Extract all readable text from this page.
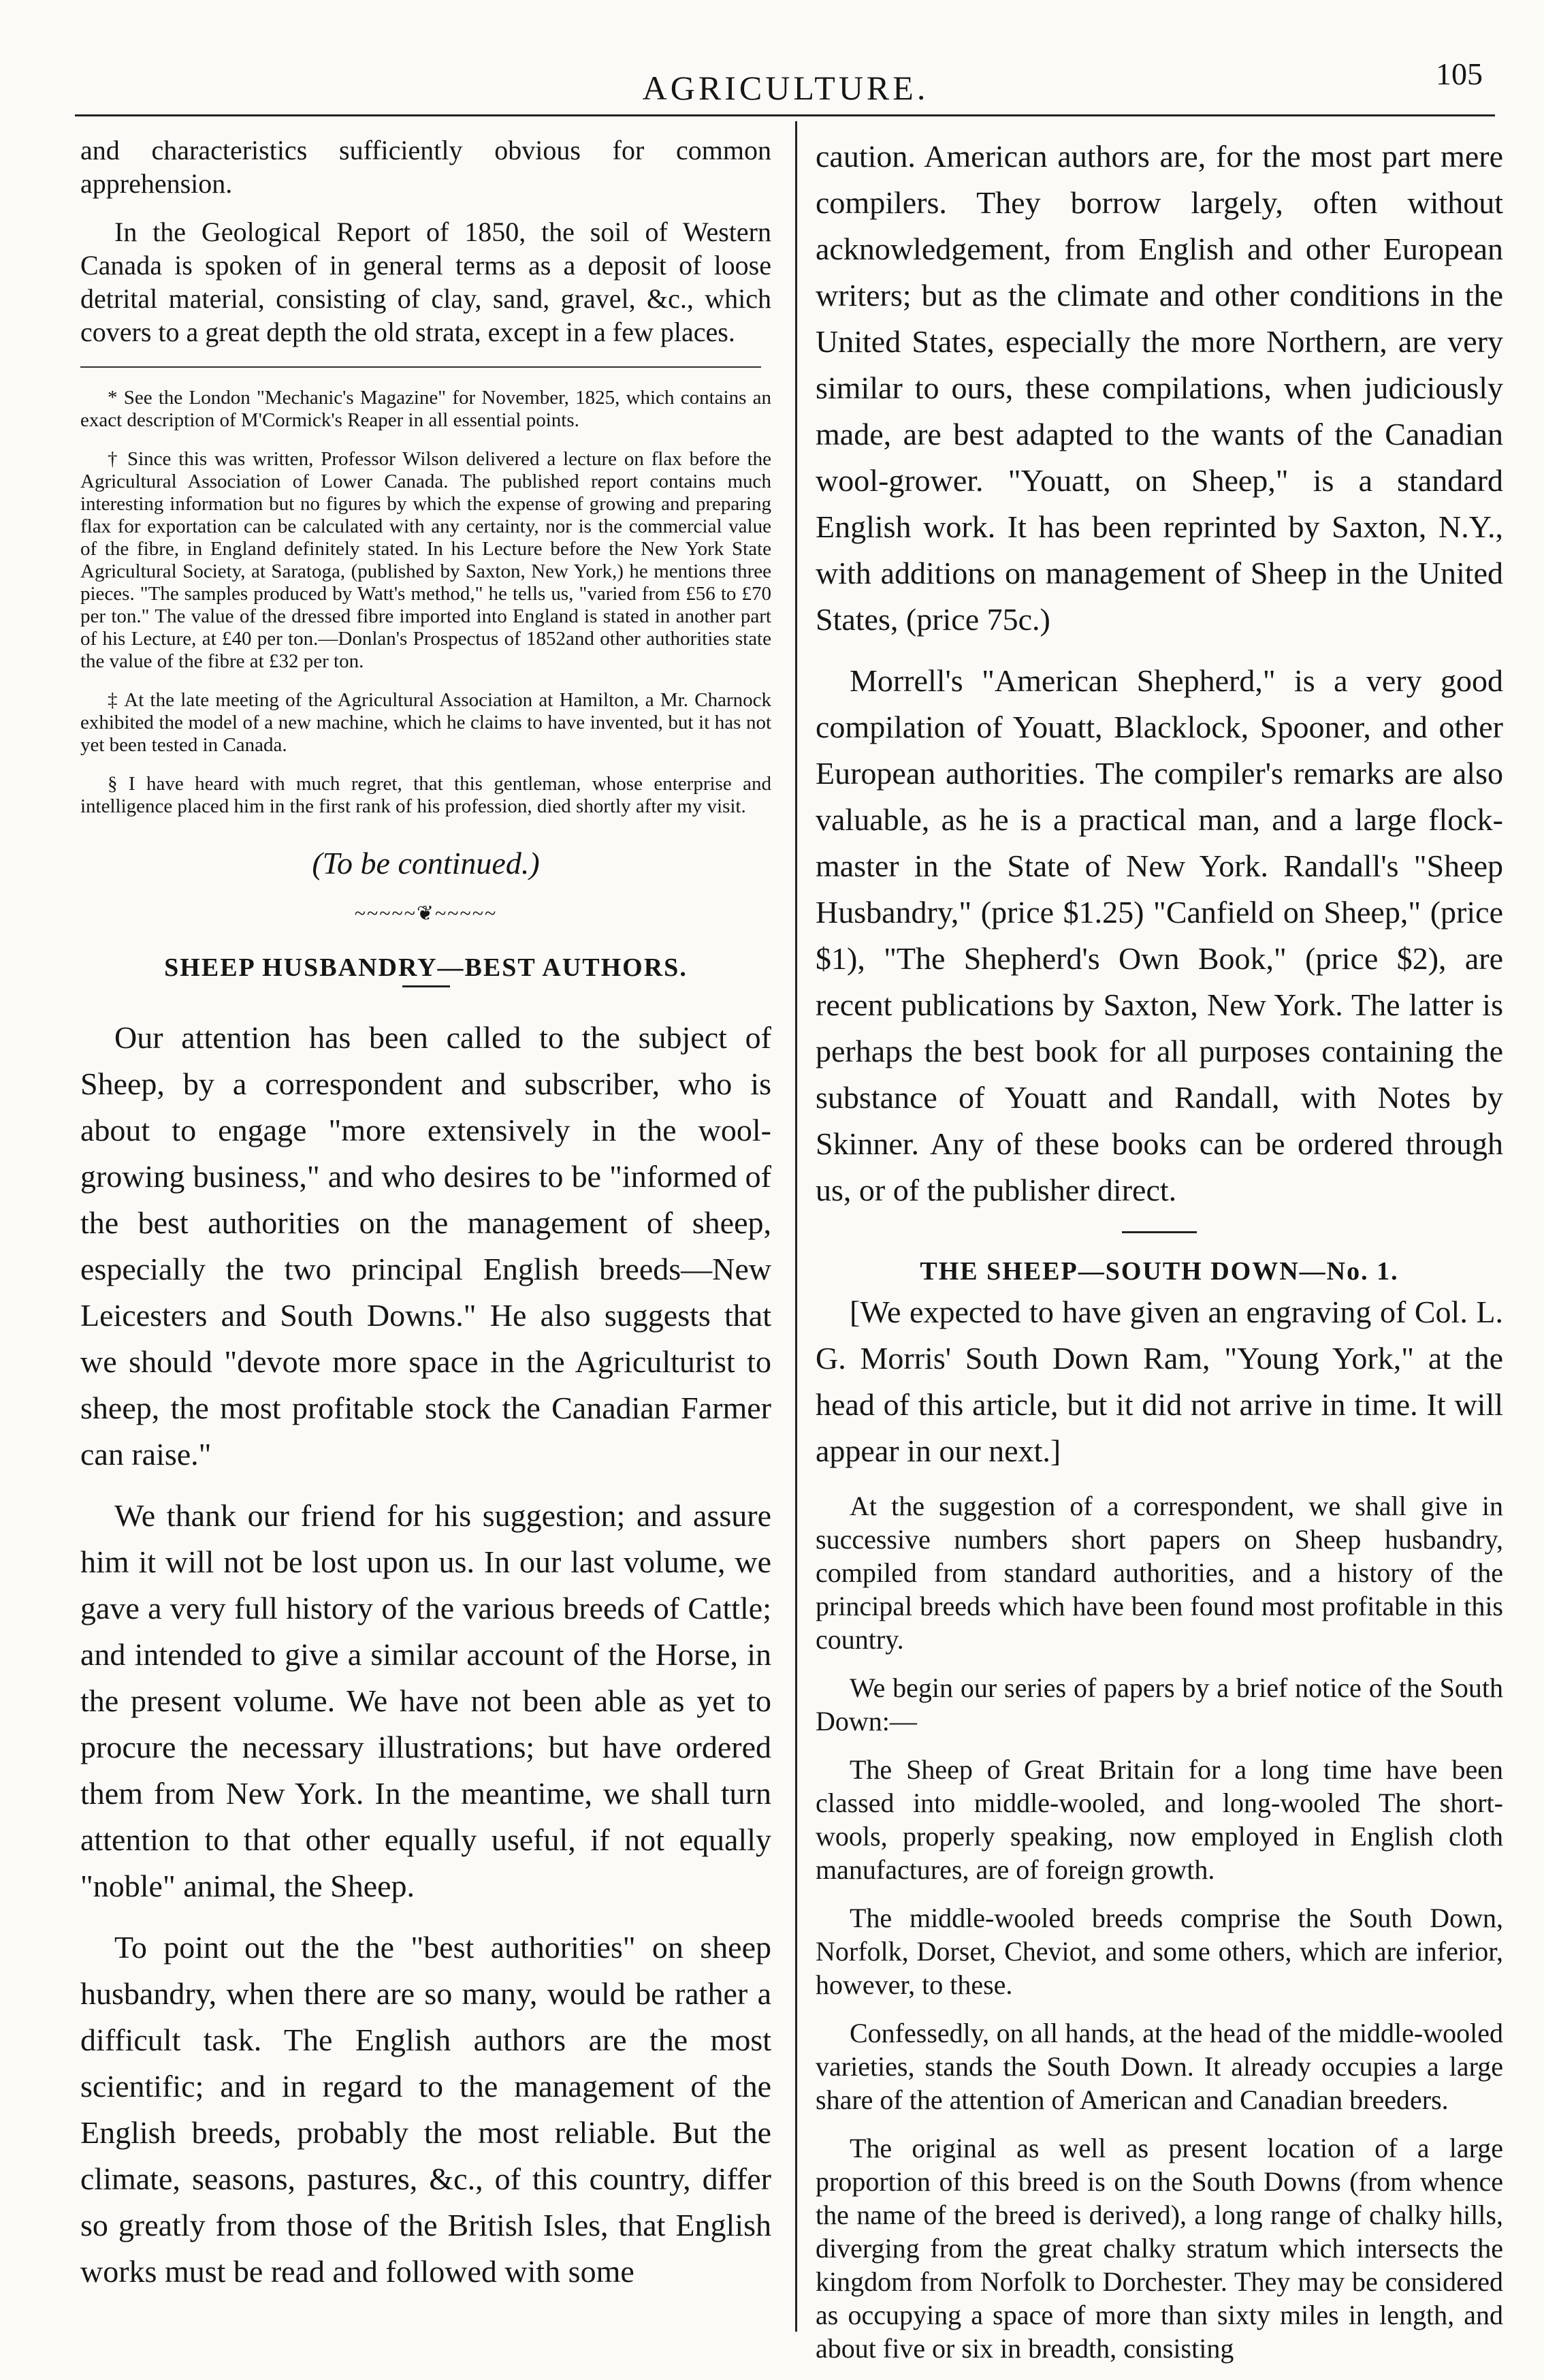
AGRICULTURE.	105

and characteristics sufficiently obvious for common apprehension.

In the Geological Report of 1850, the soil of Western Canada is spoken of in general terms as a deposit of loose detrital material, consisting of clay, sand, gravel, &c., which covers to a great depth the old strata, except in a few places.

* See the London "Mechanic's Magazine" for November, 1825, which contains an exact description of M'Cormick's Reaper in all essential points.

† Since this was written, Professor Wilson delivered a lecture on flax before the Agricultural Association of Lower Canada. The published report contains much interesting information but no figures by which the expense of growing and preparing flax for exportation can be calculated with any certainty, nor is the commercial value of the fibre, in England definitely stated. In his Lecture before the New York State Agricultural Society, at Saratoga, (published by Saxton, New York,) he mentions three pieces. "The samples produced by Watt's method," he tells us, "varied from £56 to £70 per ton." The value of the dressed fibre imported into England is stated in another part of his Lecture, at £40 per ton.—Donlan's Prospectus of 1852and other authorities state the value of the fibre at £32 per ton.

‡ At the late meeting of the Agricultural Association at Hamilton, a Mr. Charnock exhibited the model of a new machine, which he claims to have invented, but it has not yet been tested in Canada.

§ I have heard with much regret, that this gentleman, whose enterprise and intelligence placed him in the first rank of his profession, died shortly after my visit.

(To be continued.)
~~~~~❦~~~~~
SHEEP HUSBANDRY—BEST AUTHORS.

Our attention has been called to the subject of Sheep, by a correspondent and subscriber, who is about to engage "more extensively in the wool-growing business," and who desires to be "informed of the best authorities on the management of sheep, especially the two principal English breeds—New Leicesters and South Downs." He also suggests that we should "devote more space in the Agriculturist to sheep, the most profitable stock the Canadian Farmer can raise."

We thank our friend for his suggestion; and assure him it will not be lost upon us. In our last volume, we gave a very full history of the various breeds of Cattle; and intended to give a similar account of the Horse, in the present volume. We have not been able as yet to procure the necessary illustrations; but have ordered them from New York. In the meantime, we shall turn attention to that other equally useful, if not equally "noble" animal, the Sheep.

To point out the the "best authorities" on sheep husbandry, when there are so many, would be rather a difficult task. The English authors are the most scientific; and in regard to the management of the English breeds, probably the most reliable. But the climate, seasons, pastures, &c., of this country, differ so greatly from those of the British Isles, that English works must be read and followed with some

caution. American authors are, for the most part mere compilers. They borrow largely, often without acknowledgement, from English and other European writers; but as the climate and other conditions in the United States, especially the more Northern, are very similar to ours, these compilations, when judiciously made, are best adapted to the wants of the Canadian wool-grower. "Youatt, on Sheep," is a standard English work. It has been reprinted by Saxton, N.Y., with additions on management of Sheep in the United States, (price 75c.)

Morrell's "American Shepherd," is a very good compilation of Youatt, Blacklock, Spooner, and other European authorities. The compiler's remarks are also valuable, as he is a practical man, and a large flock-master in the State of New York. Randall's "Sheep Husbandry," (price $1.25) "Canfield on Sheep," (price $1), "The Shepherd's Own Book," (price $2), are recent publications by Saxton, New York. The latter is perhaps the best book for all purposes containing the substance of Youatt and Randall, with Notes by Skinner. Any of these books can be ordered through us, or of the publisher direct.

THE SHEEP—SOUTH DOWN—No. 1.

[We expected to have given an engraving of Col. L. G. Morris' South Down Ram, "Young York," at the head of this article, but it did not arrive in time. It will appear in our next.]

At the suggestion of a correspondent, we shall give in successive numbers short papers on Sheep husbandry, compiled from standard authorities, and a history of the principal breeds which have been found most profitable in this country.

We begin our series of papers by a brief notice of the South Down:—

The Sheep of Great Britain for a long time have been classed into middle-wooled, and long-wooled The short-wools, properly speaking, now employed in English cloth manufactures, are of foreign growth.

The middle-wooled breeds comprise the South Down, Norfolk, Dorset, Cheviot, and some others, which are inferior, however, to these.

Confessedly, on all hands, at the head of the middle-wooled varieties, stands the South Down. It already occupies a large share of the attention of American and Canadian breeders.

The original as well as present location of a large proportion of this breed is on the South Downs (from whence the name of the breed is derived), a long range of chalky hills, diverging from the great chalky stratum which intersects the kingdom from Norfolk to Dorchester. They may be considered as occupying a space of more than sixty miles in length, and about five or six in breadth, consisting
